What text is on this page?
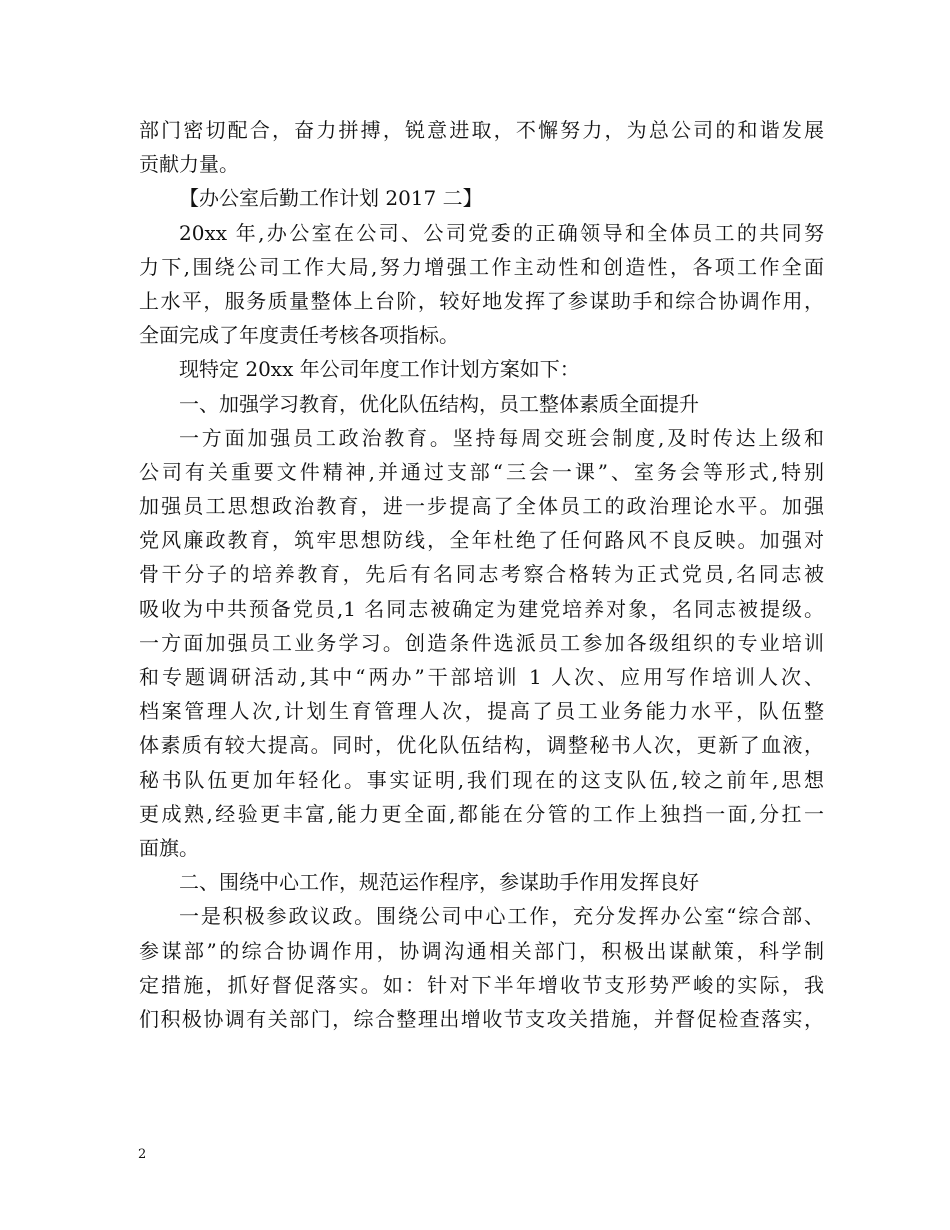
部门密切配合，奋力拼搏，锐意进取，不懈努力，为总公司的和谐发展
贡献力量。
【办公室后勤工作计划 2017 二】
20xx 年,办公室在公司、公司党委的正确领导和全体员工的共同努
力下,围绕公司工作大局,努力增强工作主动性和创造性，各项工作全面
上水平，服务质量整体上台阶，较好地发挥了参谋助手和综合协调作用，
全面完成了年度责任考核各项指标。
现特定 20xx 年公司年度工作计划方案如下：
一、加强学习教育，优化队伍结构，员工整体素质全面提升
一方面加强员工政治教育。坚持每周交班会制度,及时传达上级和
公司有关重要文件精神,并通过支部“三会一课”、室务会等形式,特别
加强员工思想政治教育，进一步提高了全体员工的政治理论水平。加强
党风廉政教育，筑牢思想防线，全年杜绝了任何路风不良反映。加强对
骨干分子的培养教育，先后有名同志考察合格转为正式党员,名同志被
吸收为中共预备党员,1 名同志被确定为建党培养对象，名同志被提级。
一方面加强员工业务学习。创造条件选派员工参加各级组织的专业培训
和专题调研活动,其中“两办”干部培训 1 人次、应用写作培训人次、
档案管理人次,计划生育管理人次，提高了员工业务能力水平，队伍整
体素质有较大提高。同时，优化队伍结构，调整秘书人次，更新了血液，
秘书队伍更加年轻化。事实证明,我们现在的这支队伍,较之前年,思想
更成熟,经验更丰富,能力更全面,都能在分管的工作上独挡一面,分扛一
面旗。
二、围绕中心工作，规范运作程序，参谋助手作用发挥良好
一是积极参政议政。围绕公司中心工作，充分发挥办公室“综合部、
参谋部”的综合协调作用，协调沟通相关部门，积极出谋献策，科学制
定措施，抓好督促落实。如：针对下半年增收节支形势严峻的实际，我
们积极协调有关部门，综合整理出增收节支攻关措施，并督促检查落实，
2
